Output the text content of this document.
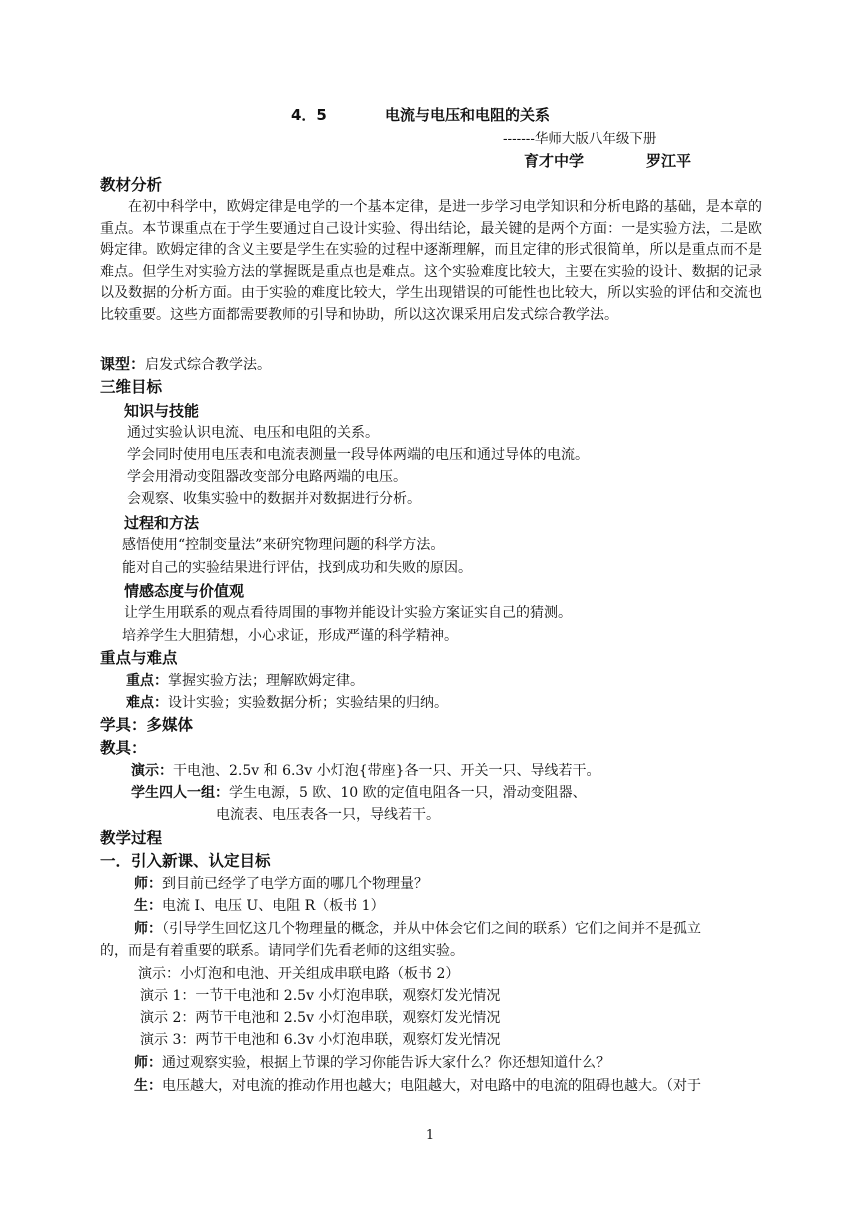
4．5	电流与电压和电阻的关系
-------华师大版八年级下册
育才中学	罗江平
教材分析
在初中科学中，欧姆定律是电学的一个基本定律，是进一步学习电学知识和分析电路的基础，是本章的重点。本节课重点在于学生要通过自己设计实验、得出结论，最关键的是两个方面：一是实验方法，二是欧姆定律。欧姆定律的含义主要是学生在实验的过程中逐渐理解，而且定律的形式很简单，所以是重点而不是难点。但学生对实验方法的掌握既是重点也是难点。这个实验难度比较大，主要在实验的设计、数据的记录以及数据的分析方面。由于实验的难度比较大，学生出现错误的可能性也比较大，所以实验的评估和交流也比较重要。这些方面都需要教师的引导和协助，所以这次课采用启发式综合教学法。
课型：启发式综合教学法。
三维目标
知识与技能
通过实验认识电流、电压和电阻的关系。
学会同时使用电压表和电流表测量一段导体两端的电压和通过导体的电流。
学会用滑动变阻器改变部分电路两端的电压。
会观察、收集实验中的数据并对数据进行分析。
过程和方法
感悟使用“控制变量法”来研究物理问题的科学方法。
能对自己的实验结果进行评估，找到成功和失败的原因。
情感态度与价值观
让学生用联系的观点看待周围的事物并能设计实验方案证实自己的猜测。
培养学生大胆猜想，小心求证，形成严谨的科学精神。
重点与难点
重点：掌握实验方法；理解欧姆定律。
难点：设计实验；实验数据分析；实验结果的归纳。
学具：多媒体
教具：
演示：干电池、2.5v 和 6.3v 小灯泡{带座}各一只、开关一只、导线若干。
学生四人一组：学生电源，5 欧、10 欧的定值电阻各一只，滑动变阻器、
电流表、电压表各一只，导线若干。
教学过程
一．引入新课、认定目标
师：到目前已经学了电学方面的哪几个物理量？
生：电流 I、电压 U、电阻 R（板书 1）
师：（引导学生回忆这几个物理量的概念，并从中体会它们之间的联系）它们之间并不是孤立
的，而是有着重要的联系。请同学们先看老师的这组实验。
演示：小灯泡和电池、开关组成串联电路（板书 2）
演示 1：一节干电池和 2.5v 小灯泡串联，观察灯发光情况
演示 2：两节干电池和 2.5v 小灯泡串联，观察灯发光情况
演示 3：两节干电池和 6.3v 小灯泡串联，观察灯发光情况
师：通过观察实验，根据上节课的学习你能告诉大家什么？你还想知道什么？
生：电压越大，对电流的推动作用也越大；电阻越大，对电路中的电流的阻碍也越大。（对于
1
